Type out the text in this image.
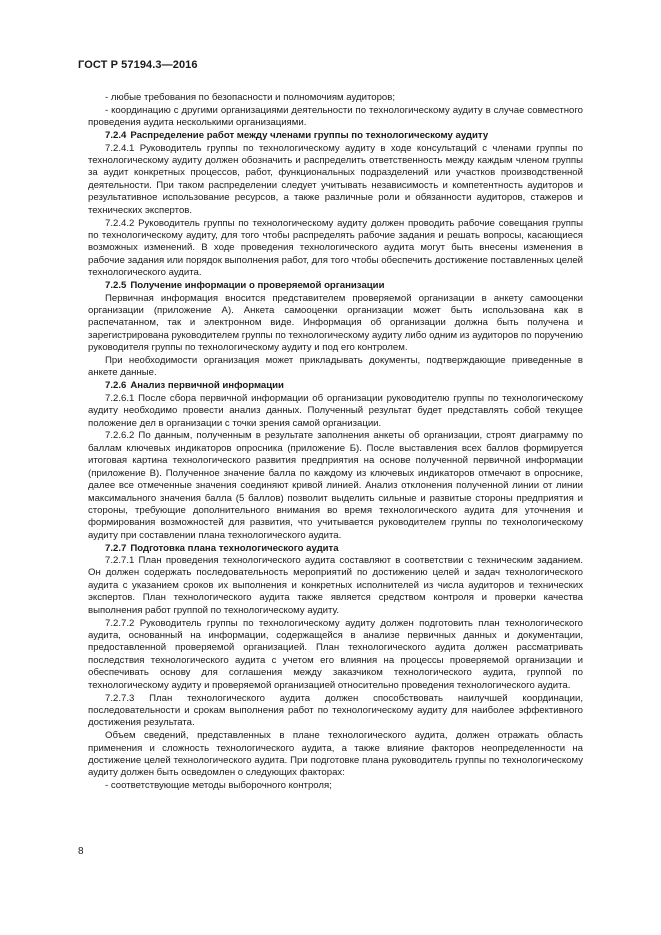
ГОСТ Р 57194.3—2016

- любые требования по безопасности и полномочиям аудиторов;

- координацию с другими организациями деятельности по технологическому аудиту в случае совместного проведения аудита несколькими организациями.

7.2.4 Распределение работ между членами группы по технологическому аудиту

7.2.4.1 Руководитель группы по технологическому аудиту в ходе консультаций с членами группы по технологическому аудиту должен обозначить и распределить ответственность между каждым членом группы за аудит конкретных процессов, работ, функциональных подразделений или участков производственной деятельности. При таком распределении следует учитывать независимость и компетентность аудиторов и результативное использование ресурсов, а также различные роли и обязанности аудиторов, стажеров и технических экспертов.

7.2.4.2 Руководитель группы по технологическому аудиту должен проводить рабочие совещания группы по технологическому аудиту, для того чтобы распределять рабочие задания и решать вопросы, касающиеся возможных изменений. В ходе проведения технологического аудита могут быть внесены изменения в рабочие задания или порядок выполнения работ, для того чтобы обеспечить достижение поставленных целей технологического аудита.

7.2.5 Получение информации о проверяемой организации

Первичная информация вносится представителем проверяемой организации в анкету самооценки организации (приложение А). Анкета самооценки организации может быть использована как в распечатанном, так и электронном виде. Информация об организации должна быть получена и зарегистрирована руководителем группы по технологическому аудиту либо одним из аудиторов по поручению руководителя группы по технологическому аудиту и под его контролем.

При необходимости организация может прикладывать документы, подтверждающие приведенные в анкете данные.

7.2.6 Анализ первичной информации

7.2.6.1 После сбора первичной информации об организации руководителю группы по технологическому аудиту необходимо провести анализ данных. Полученный результат будет представлять собой текущее положение дел в организации с точки зрения самой организации.

7.2.6.2 По данным, полученным в результате заполнения анкеты об организации, строят диаграмму по баллам ключевых индикаторов опросника (приложение Б). После выставления всех баллов формируется итоговая картина технологического развития предприятия на основе полученной первичной информации (приложение В). Полученное значение балла по каждому из ключевых индикаторов отмечают в опроснике, далее все отмеченные значения соединяют кривой линией. Анализ отклонения полученной линии от линии максимального значения балла (5 баллов) позволит выделить сильные и развитые стороны предприятия и стороны, требующие дополнительного внимания во время технологического аудита для уточнения и формирования возможностей для развития, что учитывается руководителем группы по технологическому аудиту при составлении плана технологического аудита.

7.2.7 Подготовка плана технологического аудита

7.2.7.1 План проведения технологического аудита составляют в соответствии с техническим заданием. Он должен содержать последовательность мероприятий по достижению целей и задач технологического аудита с указанием сроков их выполнения и конкретных исполнителей из числа аудиторов и технических экспертов. План технологического аудита также является средством контроля и проверки качества выполнения работ группой по технологическому аудиту.

7.2.7.2 Руководитель группы по технологическому аудиту должен подготовить план технологического аудита, основанный на информации, содержащейся в анализе первичных данных и документации, предоставленной проверяемой организацией. План технологического аудита должен рассматривать последствия технологического аудита с учетом его влияния на процессы проверяемой организации и обеспечивать основу для соглашения между заказчиком технологического аудита, группой по технологическому аудиту и проверяемой организацией относительно проведения технологического аудита.

7.2.7.3 План технологического аудита должен способствовать наилучшей координации, последовательности и срокам выполнения работ по технологическому аудиту для наиболее эффективного достижения результата.

Объем сведений, представленных в плане технологического аудита, должен отражать область применения и сложность технологического аудита, а также влияние факторов неопределенности на достижение целей технологического аудита. При подготовке плана руководитель группы по технологическому аудиту должен быть осведомлен о следующих факторах:

- соответствующие методы выборочного контроля;

8
